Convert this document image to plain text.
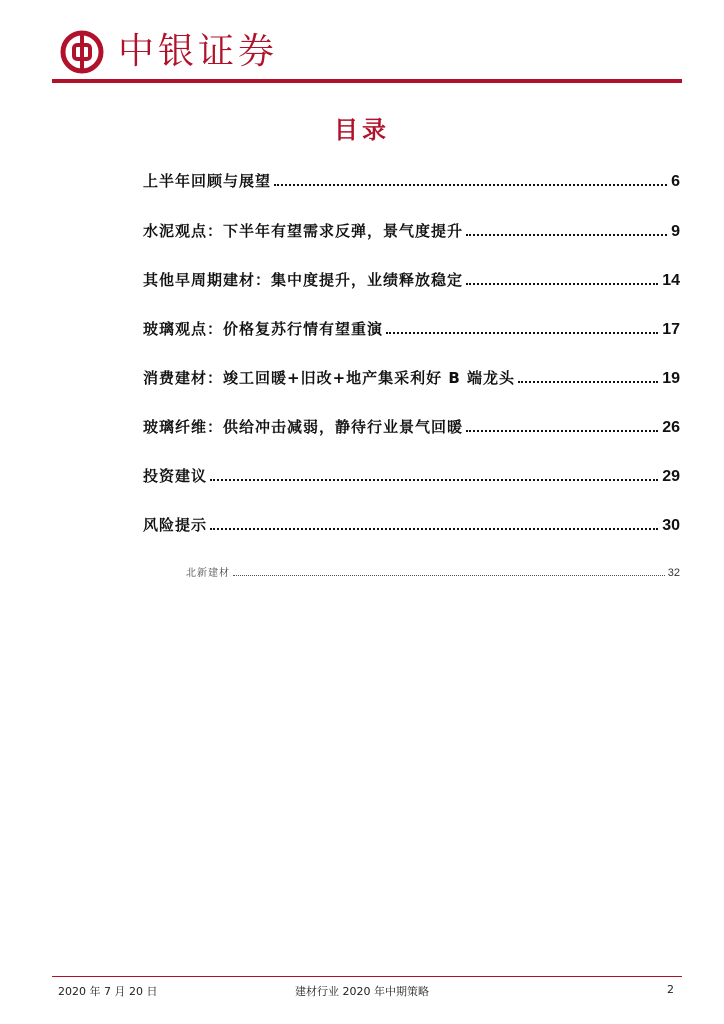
中银证券
目录
上半年回顾与展望	6
水泥观点：下半年有望需求反弹，景气度提升	9
其他早周期建材：集中度提升，业绩释放稳定	14
玻璃观点：价格复苏行情有望重演	17
消费建材：竣工回暖+旧改+地产集采利好 B 端龙头	19
玻璃纤维：供给冲击减弱，静待行业景气回暖	26
投资建议	29
风险提示	30
北新建材	32
2020 年 7 月 20 日	建材行业 2020 年中期策略	2
